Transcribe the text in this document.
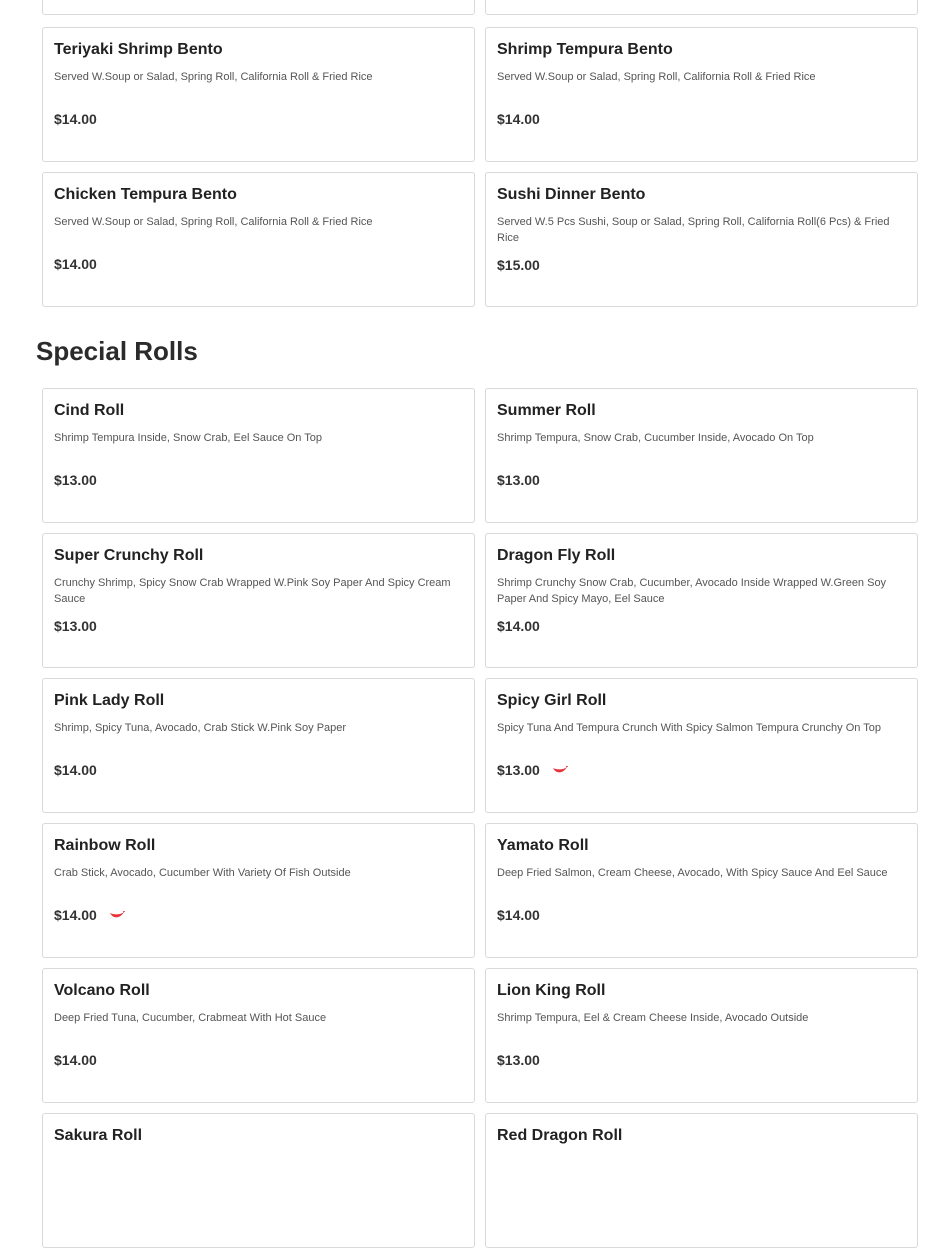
Teriyaki Shrimp Bento
Served W.Soup or Salad, Spring Roll, California Roll & Fried Rice
$14.00
Shrimp Tempura Bento
Served W.Soup or Salad, Spring Roll, California Roll & Fried Rice
$14.00
Chicken Tempura Bento
Served W.Soup or Salad, Spring Roll, California Roll & Fried Rice
$14.00
Sushi Dinner Bento
Served W.5 Pcs Sushi, Soup or Salad, Spring Roll, California Roll(6 Pcs) & Fried Rice
$15.00
Special Rolls
Cind Roll
Shrimp Tempura Inside, Snow Crab, Eel Sauce On Top
$13.00
Summer Roll
Shrimp Tempura, Snow Crab, Cucumber Inside, Avocado On Top
$13.00
Super Crunchy Roll
Crunchy Shrimp, Spicy Snow Crab Wrapped W.Pink Soy Paper And Spicy Cream Sauce
$13.00
Dragon Fly Roll
Shrimp Crunchy Snow Crab, Cucumber, Avocado Inside Wrapped W.Green Soy Paper And Spicy Mayo, Eel Sauce
$14.00
Pink Lady Roll
Shrimp, Spicy Tuna, Avocado, Crab Stick W.Pink Soy Paper
$14.00
Spicy Girl Roll
Spicy Tuna And Tempura Crunch With Spicy Salmon Tempura Crunchy On Top
$13.00
Rainbow Roll
Crab Stick, Avocado, Cucumber With Variety Of Fish Outside
$14.00
Yamato Roll
Deep Fried Salmon, Cream Cheese, Avocado, With Spicy Sauce And Eel Sauce
$14.00
Volcano Roll
Deep Fried Tuna, Cucumber, Crabmeat With Hot Sauce
$14.00
Lion King Roll
Shrimp Tempura, Eel & Cream Cheese Inside, Avocado Outside
$13.00
Sakura Roll	Red Dragon Roll
